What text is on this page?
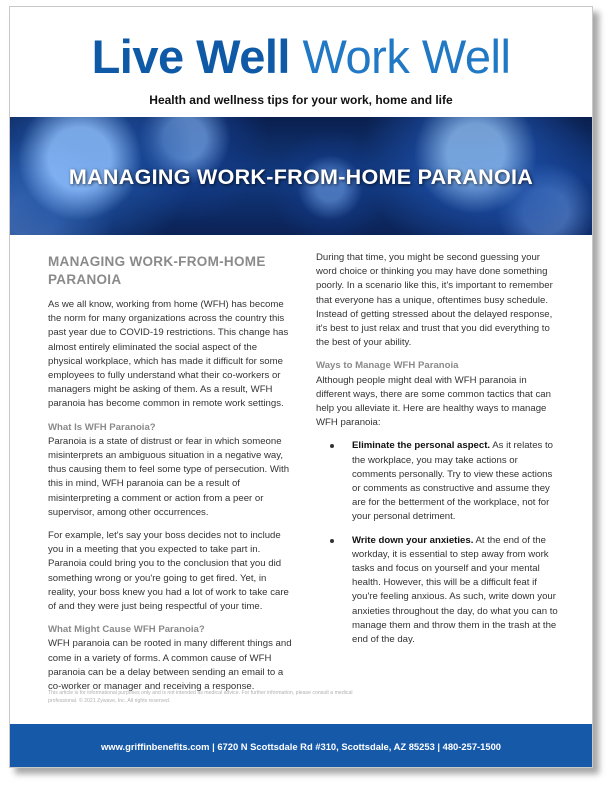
Live Well Work Well
Health and wellness tips for your work, home and life
MANAGING WORK-FROM-HOME PARANOIA
MANAGING WORK-FROM-HOME
PARANOIA

As we all know, working from home (WFH) has become the norm for many organizations across the country this past year due to COVID-19 restrictions. This change has almost entirely eliminated the social aspect of the physical workplace, which has made it difficult for some employees to fully understand what their co-workers or managers might be asking of them. As a result, WFH paranoia has become common in remote work settings.

What Is WFH Paranoia?

Paranoia is a state of distrust or fear in which someone misinterprets an ambiguous situation in a negative way, thus causing them to feel some type of persecution. With this in mind, WFH paranoia can be a result of misinterpreting a comment or action from a peer or supervisor, among other occurrences.

For example, let's say your boss decides not to include you in a meeting that you expected to take part in. Paranoia could bring you to the conclusion that you did something wrong or you're going to get fired. Yet, in reality, your boss knew you had a lot of work to take care of and they were just being respectful of your time.

What Might Cause WFH Paranoia?

WFH paranoia can be rooted in many different things and come in a variety of forms. A common cause of WFH paranoia can be a delay between sending an email to a co-worker or manager and receiving a response.

During that time, you might be second guessing your word choice or thinking you may have done something poorly. In a scenario like this, it's important to remember that everyone has a unique, oftentimes busy schedule. Instead of getting stressed about the delayed response, it's best to just relax and trust that you did everything to the best of your ability.

Ways to Manage WFH Paranoia

Although people might deal with WFH paranoia in different ways, there are some common tactics that can help you alleviate it. Here are healthy ways to manage WFH paranoia:

Eliminate the personal aspect. As it relates to the workplace, you may take actions or comments personally. Try to view these actions or comments as constructive and assume they are for the betterment of the workplace, not for your personal detriment.
Write down your anxieties. At the end of the workday, it is essential to step away from work tasks and focus on yourself and your mental health. However, this will be a difficult feat if you're feeling anxious. As such, write down your anxieties throughout the day, do what you can to manage them and throw them in the trash at the end of the day.
This article is for informational purposes only and is not intended as medical advice. For further information, please consult a medical professional. © 2021 Zywave, Inc. All rights reserved.
www.griffinbenefits.com | 6720 N Scottsdale Rd #310, Scottsdale, AZ 85253 | 480-257-1500
